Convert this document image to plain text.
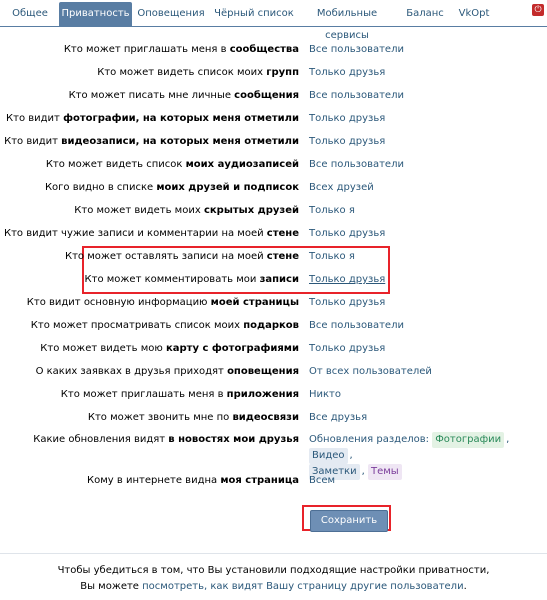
Общее	Приватность Оповещения Чёрный список	Мобильные сервисы
Баланс	VkOpt	⏻
Кто может приглашать меня в сообщества Все пользователи
Кто может видеть список моих групп Только друзья
Кто может писать мне личные сообщения Все пользователи
Кто видит фотографии, на которых меня отметили Только друзья
Кто видит видеозаписи, на которых меня отметили Только друзья
Кто может видеть список моих аудиозаписей Все пользователи
Кого видно в списке моих друзей и подписок Всех друзей
Кто может видеть моих скрытых друзей Только я
Кто видит чужие записи и комментарии на моей стене Только друзья
Кто может оставлять записи на моей стене Только я
Кто может комментировать мои записи Только друзья
Кто видит основную информацию моей страницы Только друзья
Кто может просматривать список моих подарков Все пользователи
Кто может видеть мою карту с фотографиями Только друзья
О каких заявках в друзья приходят оповещения От всех пользователей
Кто может приглашать меня в приложения Никто
Кто может звонить мне по видеосвязи Все друзья
Какие обновления видят в новостях мои друзья Обновления разделов: Фотографии , Видео ,
Заметки , Темы
Кому в интернете видна моя страница Всем
Сохранить
Чтобы убедиться в том, что Вы установили подходящие настройки приватности,
Вы можете посмотреть, как видят Вашу страницу другие пользователи.
